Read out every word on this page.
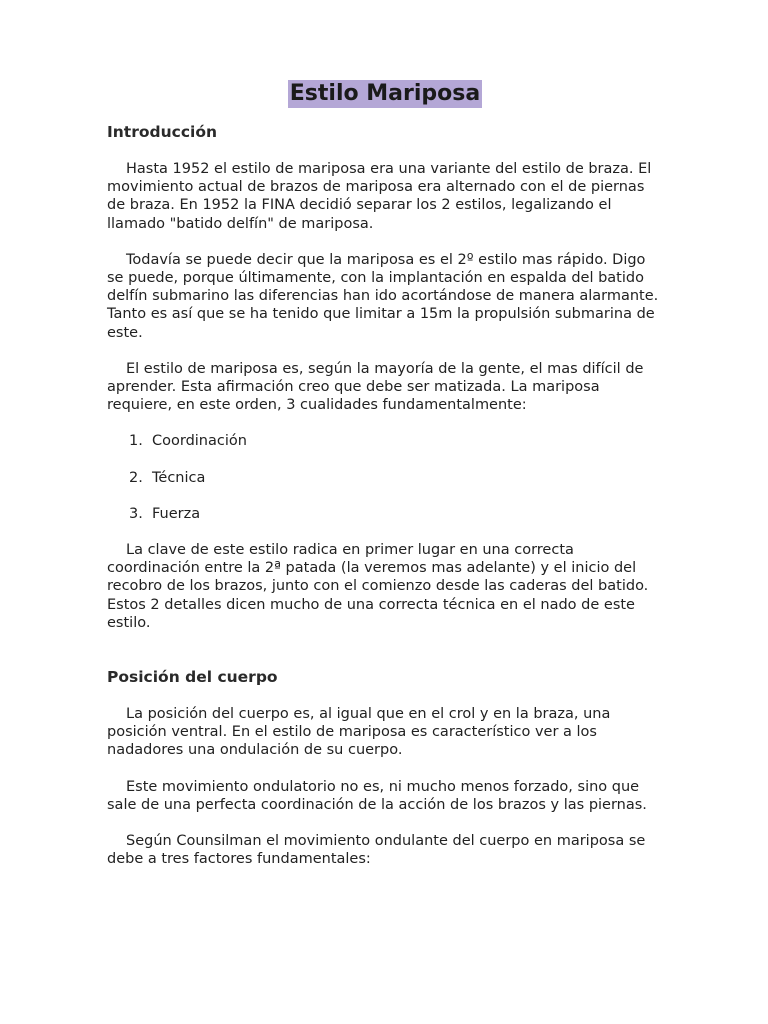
Estilo Mariposa
Introducción

Hasta 1952 el estilo de mariposa era una variante del estilo de braza. El movimiento actual de brazos de mariposa era alternado con el de piernas de braza. En 1952 la FINA decidió separar los 2 estilos, legalizando el llamado "batido delfín" de mariposa.

Todavía se puede decir que la mariposa es el 2º estilo mas rápido. Digo se puede, porque últimamente, con la implantación en espalda del batido delfín submarino las diferencias han ido acortándose de manera alarmante. Tanto es así que se ha tenido que limitar a 15m la propulsión submarina de este.

El estilo de mariposa es, según la mayoría de la gente, el mas difícil de aprender. Esta afirmación creo que debe ser matizada. La mariposa requiere, en este orden, 3 cualidades fundamentalmente:

1. Coordinación
2. Técnica
3. Fuerza

La clave de este estilo radica en primer lugar en una correcta coordinación entre la 2ª patada (la veremos mas adelante) y el inicio del recobro de los brazos, junto con el comienzo desde las caderas del batido. Estos 2 detalles dicen mucho de una correcta técnica en el nado de este estilo.

Posición del cuerpo

La posición del cuerpo es, al igual que en el crol y en la braza, una posición ventral. En el estilo de mariposa es característico ver a los nadadores una ondulación de su cuerpo.

Este movimiento ondulatorio no es, ni mucho menos forzado, sino que sale de una perfecta coordinación de la acción de los brazos y las piernas.

Según Counsilman el movimiento ondulante del cuerpo en mariposa se debe a tres factores fundamentales:
